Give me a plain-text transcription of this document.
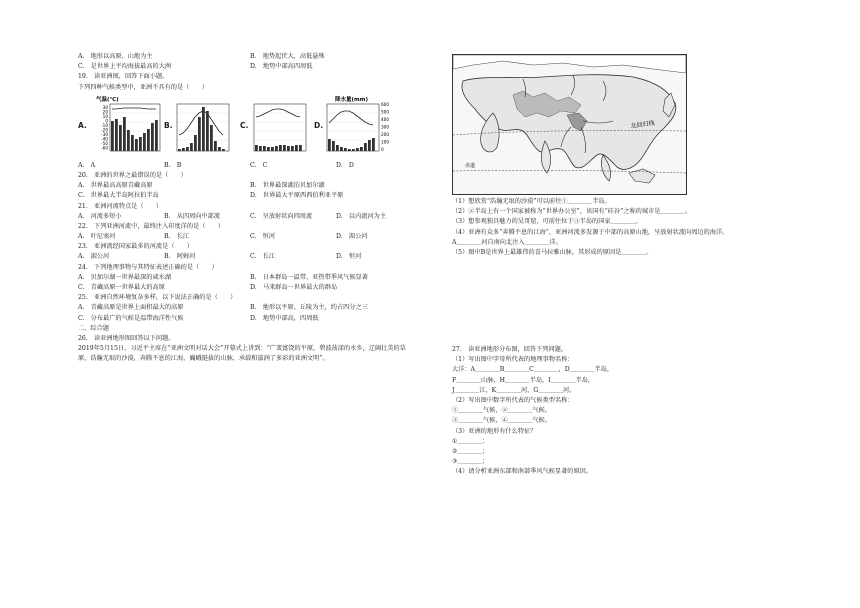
A.　地形以高原、山地为主	B.　地势起伏大，高低悬殊
C.　是世界上平均海拔最高的大洲	D.　地势中部高四周低
19.　读亚洲图，回答下面小题。
下列四种气候类型中，亚洲不具有的是（　　）
A.
气温(℃)
30
20
10
0
-10
-20
-30
-40
-50
-60
B.	C.	D.
降水量(mm)
600
500
400
300
200
100
0
A.　A	B.　B	C.　C	D.　D
20.　亚洲的世界之最错误的是（　　）
A.　世界最高高原青藏高原	B.　世界最深湖泊贝加尔湖
C.　世界最大半岛阿拉伯半岛	D.　世界最大平原西西伯利亚平原
21.　亚洲河流特点是（　　）
A.　河流多短小	B.　从四周向中部流	C.　呈放射状向四周流	D.　以内流河为主
22.　下列亚洲河流中，最终注入印度洋的是（　　）
A.　叶尼塞河	B.　长江	C.　恒河	D.　湄公河
23.　亚洲流经国家最多的河流是（　　）
A.　湄公河	B.　阿姆河	C.　长江	D.　恒河
24.　下列地理事物与其特征表述正确的是（　　）
A.　贝加尔湖一世界最深的咸水湖	B.　日本群岛一温带、亚热带季风气候显著
C.　青藏高原一世界最大的高原	D.　马来群岛一世界最大的群岛
25.　亚洲自然环境复杂多样，以下说法正确的是（　　）
A.　青藏高原是世界上面积最大的高原	B.　地形以平原、丘陵为主，约占四分之三
C.　分布最广的气候是温带海洋性气候	D.　地势中部高，四周低
二、综合题
26.　读亚洲地形图回答以下问题。
2019年5月15日，习近平主席在“亚洲文明对话大会”开幕式上讲到：“广袤富饶的平原，碧波荡漾的水乡，辽阔壮美的草原，浩瀚无垠的沙漠，奔腾不息的江海，巍峨挺拔的山脉，承载和滋润了多彩的亚洲文明”。
北回归线
赤道
（1）想欣赏“浩瀚无垠的沙漠”可以前往①＿＿＿＿半岛。
（2）②半岛上有一个国家被称为“世界办公室”，该国有“硅谷”之称的城市是＿＿＿＿。
（3）想参观独具魅力的吴哥窟，可前往位于③半岛的国家＿＿＿＿。
（4）亚洲有众多“奔腾不息的江海”，亚洲河流多发源于中部的高原山地，呈放射状流向周边的海洋。
A＿＿＿＿河自南向北注入＿＿＿＿洋。
（5）图中B是世界上最雄伟的喜马拉雅山脉，其形成的原因是＿＿＿＿。
27.　读亚洲地形分布图，回答下列问题。
（1）写出图中字母所代表的地理事物名称：
大洋：A＿＿＿＿B＿＿＿＿C＿＿＿＿，D＿＿＿＿半岛，
F＿＿＿＿山脉，H＿＿＿＿半岛，I＿＿＿＿半岛，
J＿＿＿＿江，K＿＿＿＿河，G＿＿＿＿河。
（2）写出图中数字所代表的气候类型名称：
①＿＿＿＿气候，②＿＿＿＿气候。
③＿＿＿＿气候，④＿＿＿＿气候。
（3）亚洲的地形有什么特征？
①＿＿＿＿；
②＿＿＿＿；
③＿＿＿＿；
（4）请分析亚洲东部和南部季风气候显著的原因。
